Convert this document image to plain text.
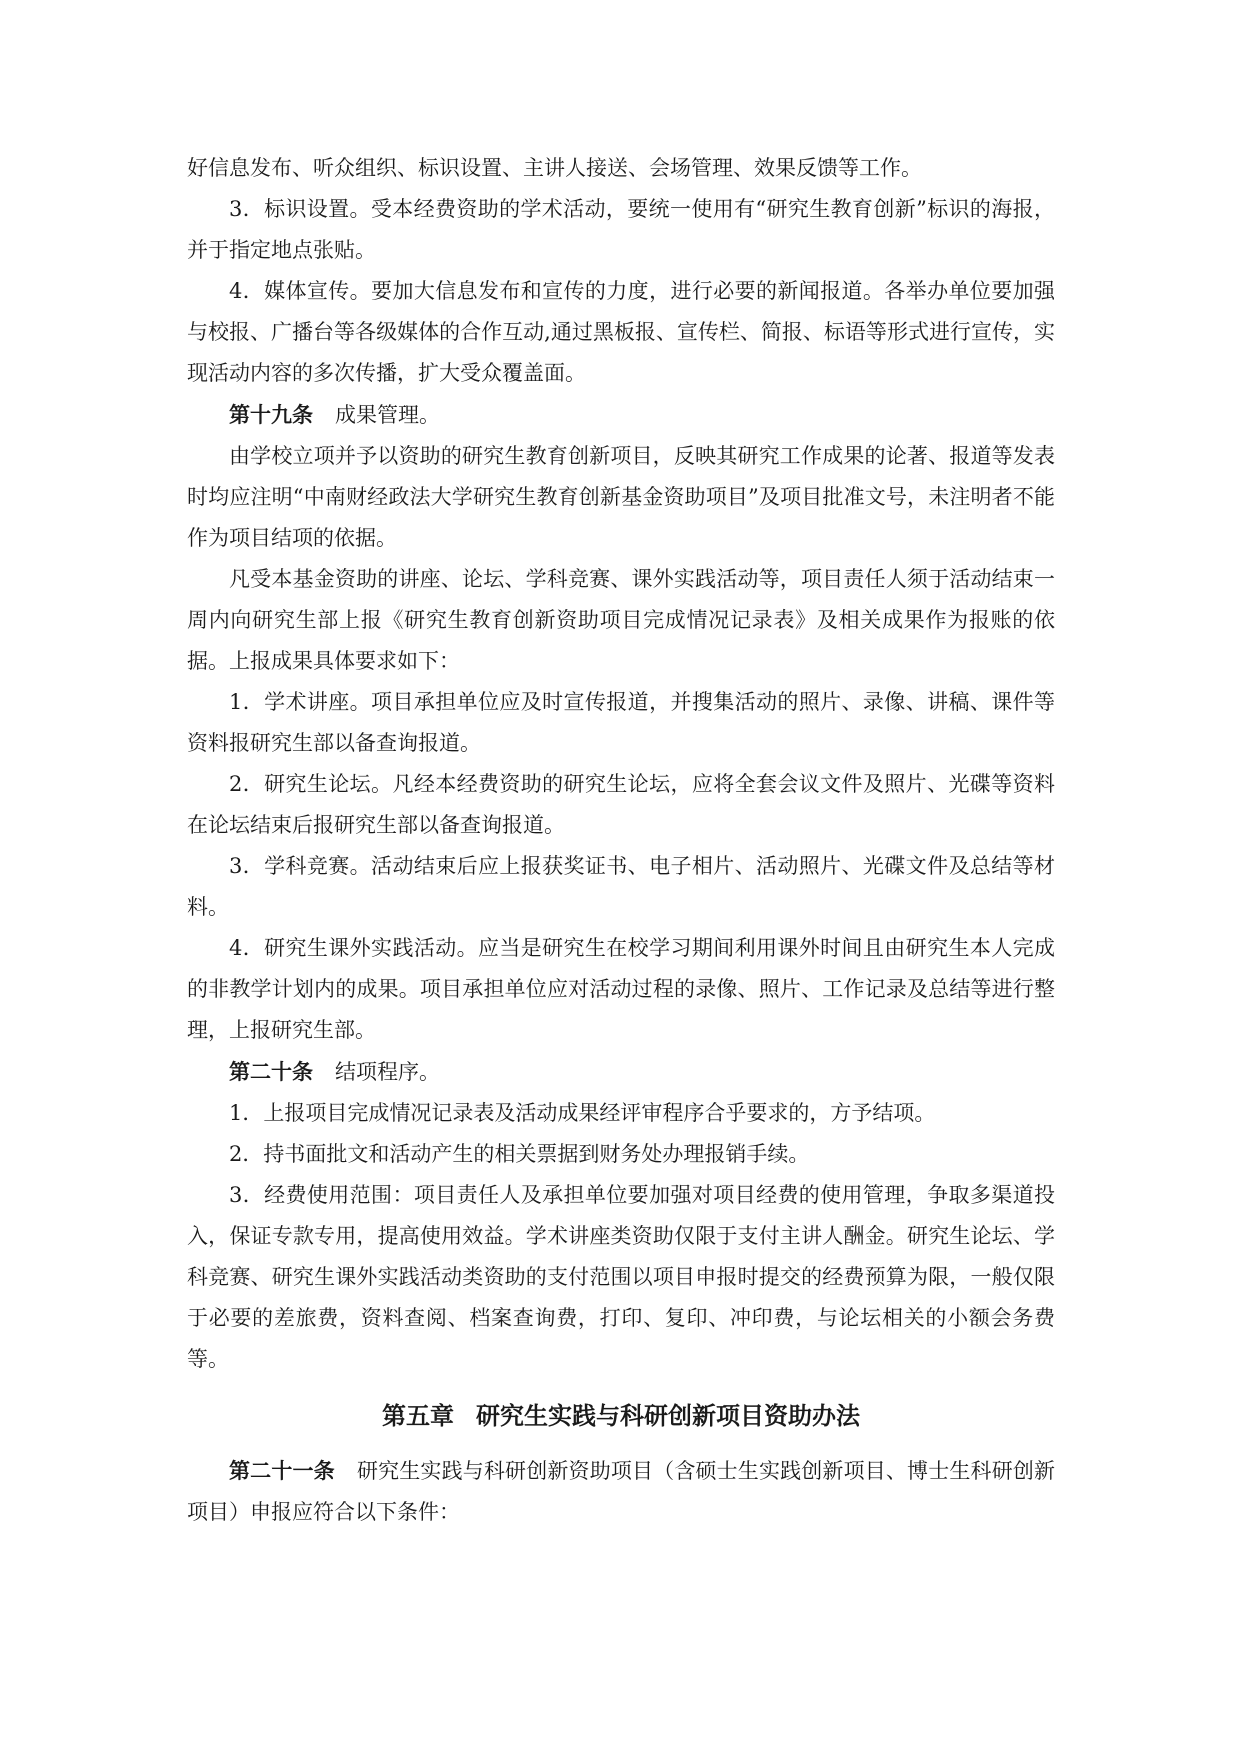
好信息发布、听众组织、标识设置、主讲人接送、会场管理、效果反馈等工作。

3．标识设置。受本经费资助的学术活动，要统一使用有“研究生教育创新”标识的海报，并于指定地点张贴。

4．媒体宣传。要加大信息发布和宣传的力度，进行必要的新闻报道。各举办单位要加强与校报、广播台等各级媒体的合作互动,通过黑板报、宣传栏、简报、标语等形式进行宣传，实现活动内容的多次传播，扩大受众覆盖面。

第十九条 成果管理。

由学校立项并予以资助的研究生教育创新项目，反映其研究工作成果的论著、报道等发表时均应注明“中南财经政法大学研究生教育创新基金资助项目”及项目批准文号，未注明者不能作为项目结项的依据。

凡受本基金资助的讲座、论坛、学科竞赛、课外实践活动等，项目责任人须于活动结束一周内向研究生部上报《研究生教育创新资助项目完成情况记录表》及相关成果作为报账的依据。上报成果具体要求如下：

1．学术讲座。项目承担单位应及时宣传报道，并搜集活动的照片、录像、讲稿、课件等资料报研究生部以备查询报道。

2．研究生论坛。凡经本经费资助的研究生论坛，应将全套会议文件及照片、光碟等资料在论坛结束后报研究生部以备查询报道。

3．学科竞赛。活动结束后应上报获奖证书、电子相片、活动照片、光碟文件及总结等材料。

4．研究生课外实践活动。应当是研究生在校学习期间利用课外时间且由研究生本人完成的非教学计划内的成果。项目承担单位应对活动过程的录像、照片、工作记录及总结等进行整理，上报研究生部。

第二十条 结项程序。

1．上报项目完成情况记录表及活动成果经评审程序合乎要求的，方予结项。

2．持书面批文和活动产生的相关票据到财务处办理报销手续。

3．经费使用范围：项目责任人及承担单位要加强对项目经费的使用管理，争取多渠道投入，保证专款专用，提高使用效益。学术讲座类资助仅限于支付主讲人酬金。研究生论坛、学科竞赛、研究生课外实践活动类资助的支付范围以项目申报时提交的经费预算为限，一般仅限于必要的差旅费，资料查阅、档案查询费，打印、复印、冲印费，与论坛相关的小额会务费等。

第五章 研究生实践与科研创新项目资助办法

第二十一条 研究生实践与科研创新资助项目（含硕士生实践创新项目、博士生科研创新项目）申报应符合以下条件：
